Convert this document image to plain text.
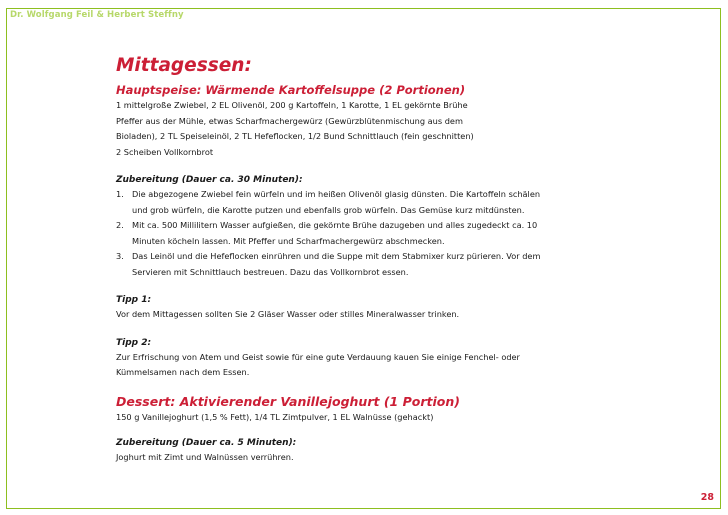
Dr. Wolfgang Feil & Herbert Steffny
Mittagessen:
Hauptspeise: Wärmende Kartoffelsuppe (2 Portionen)

1 mittelgroße Zwiebel, 2 EL Olivenöl, 200 g Kartoffeln, 1 Karotte, 1 EL gekörnte Brühe

Pfeffer aus der Mühle, etwas Scharfmachergewürz (Gewürzblütenmischung aus dem

Bioladen), 2 TL Speiseleinöl, 2 TL Hefeflocken, 1/2 Bund Schnittlauch (fein geschnitten)

2 Scheiben Vollkornbrot

Zubereitung (Dauer ca. 30 Minuten):
1. Die abgezogene Zwiebel fein würfeln und im heißen Olivenöl glasig dünsten. Die Kartoffeln schälen

und grob würfeln, die Karotte putzen und ebenfalls grob würfeln. Das Gemüse kurz mitdünsten.

2. Mit ca. 500 Millilitern Wasser aufgießen, die gekörnte Brühe dazugeben und alles zugedeckt ca. 10

Minuten köcheln lassen. Mit Pfeffer und Scharfmachergewürz abschmecken.

3. Das Leinöl und die Hefeflocken einrühren und die Suppe mit dem Stabmixer kurz pürieren. Vor dem

Servieren mit Schnittlauch bestreuen. Dazu das Vollkornbrot essen.

Tipp 1:

Vor dem Mittagessen sollten Sie 2 Gläser Wasser oder stilles Mineralwasser trinken.

Tipp 2:

Zur Erfrischung von Atem und Geist sowie für eine gute Verdauung kauen Sie einige Fenchel- oder

Kümmelsamen nach dem Essen.

Dessert: Aktivierender Vanillejoghurt (1 Portion)

150 g Vanillejoghurt (1,5 % Fett), 1/4 TL Zimtpulver, 1 EL Walnüsse (gehackt)

Zubereitung (Dauer ca. 5 Minuten):

Joghurt mit Zimt und Walnüssen verrühren.

28
